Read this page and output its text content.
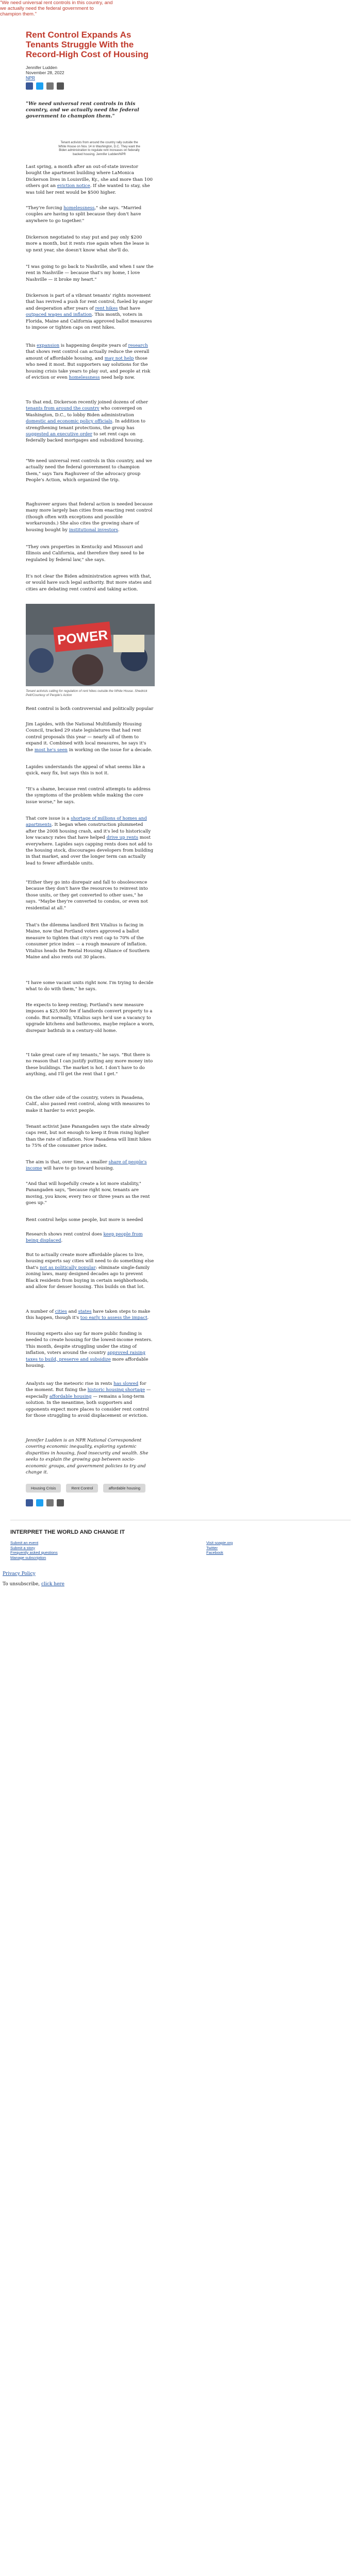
"We need universal rent controls in this country, and we actually need the federal government to champion them."

Rent Control Expands As Tenants Struggle With the Record-High Cost of Housing
Jennifer Ludden
November 28, 2022
NPR

"We need universal rent controls in this country, and we actually need the federal government to champion them."

Tenant activists from around the country rally outside the White House on Nov. 14 in Washington, D.C. They want the Biden administration to regulate rent increases on federally backed housing. Jennifer Ludden/NPR

Last spring, a month after an out-of-state investor bought the apartment building where LaMonica Dickerson lives in Louisville, Ky., she and more than 100 others got an eviction notice. If she wanted to stay, she was told her rent would be $500 higher.

"They're forcing homelessness," she says. "Married couples are having to split because they don't have anywhere to go together."

Dickerson negotiated to stay put and pay only $200 more a month, but it rents rise again when the lease is up next year, she doesn't know what she'll do.

"I was going to go back to Nashville, and when I saw the rent in Nashville — because that's my home, I love Nashville — it broke my heart."

Dickerson is part of a vibrant tenants' rights movement that has revived a push for rent control, fueled by anger and desperation after years of rent hikes that have outpaced wages and inflation. This month, voters in Florida, Maine and California approved ballot measures to impose or tighten caps on rent hikes.

This expansion is happening despite years of research that shows rent control can actually reduce the overall amount of affordable housing, and may not help those who need it most. But supporters say solutions for the housing crisis take years to play out, and people at risk of eviction or even homelessness need help now.

To that end, Dickerson recently joined dozens of other tenants from around the country who converged on Washington, D.C., to lobby Biden administration domestic and economic policy officials. In addition to strengthening tenant protections, the group has suggested an executive order to set rent caps on federally backed mortgages and subsidized housing.

"We need universal rent controls in this country, and we actually need the federal government to champion them," says Tara Raghuveer of the advocacy group People's Action, which organized the trip.

Raghuveer argues that federal action is needed because many more largely ban cities from enacting rent control (though often with exceptions and possible workarounds.) She also cites the growing share of housing bought by institutional investors.

"They own properties in Kentucky and Missouri and Illinois and California, and therefore they need to be regulated by federal law," she says.

It's not clear the Biden administration agrees with that, or would have such legal authority. But more states and cities are debating rent control and taking action.

POWER
Tenant activists calling for regulation of rent hikes outside the White House. Shedrick Pelt/Courtesy of People's Action

Rent control is both controversial and politically popular

Jim Lapides, with the National Multifamily Housing Council, tracked 29 state legislatures that had rent control proposals this year — nearly all of them to expand it. Combined with local measures, he says it's the most he's seen in working on the issue for a decade.

Lapides understands the appeal of what seems like a quick, easy fix, but says this is not it.

"It's a shame, because rent control attempts to address the symptoms of the problem while making the core issue worse," he says.

That core issue is a shortage of millions of homes and apartments. It began when construction plummeted after the 2008 housing crash, and it's led to historically low vacancy rates that have helped drive up rents most everywhere. Lapides says capping rents does not add to the housing stock, discourages developers from building in that market, and over the longer term can actually lead to fewer affordable units.

"Either they go into disrepair and fall to obsolescence because they don't have the resources to reinvest into those units, or they get converted to other uses," he says. "Maybe they're converted to condos, or even not residential at all."

That's the dilemma landlord Brit Vitalius is facing in Maine, now that Portland voters approved a ballot measure to tighten that city's rent cap to 70% of the consumer price index — a rough measure of inflation. Vitalius heads the Rental Housing Alliance of Southern Maine and also rents out 30 places.

"I have some vacant units right now. I'm trying to decide what to do with them," he says.

He expects to keep renting; Portland's new measure imposes a $25,000 fee if landlords convert property to a condo. But normally, Vitalius says he'd use a vacancy to upgrade kitchens and bathrooms, maybe replace a worn, disrepair bathtub in a century-old home.

"I take great care of my tenants," he says. "But there is no reason that I can justify putting any more money into these buildings. The market is hot. I don't have to do anything, and I'll get the rent that I get."

On the other side of the country, voters in Pasadena, Calif., also passed rent control, along with measures to make it harder to evict people.

Tenant activist Jane Panangaden says the state already caps rent, but not enough to keep it from rising higher than the rate of inflation. Now Pasadena will limit hikes to 75% of the consumer price index.

The aim is that, over time, a smaller share of people's income will have to go toward housing.

"And that will hopefully create a lot more stability," Panangaden says, "because right now, tenants are moving, you know, every two or three years as the rent goes up."

Rent control helps some people, but more is needed

Research shows rent control does keep people from being displaced.

But to actually create more affordable places to live, housing experts say cities will need to do something else that's not as politically popular: eliminate single-family zoning laws, many designed decades ago to prevent Black residents from buying in certain neighborhoods, and allow for denser housing. This builds on that lot.

A number of cities and states have taken steps to make this happen, though it's too early to assess the impact.

Housing experts also say far more public funding is needed to create housing for the lowest-income renters. This month, despite struggling under the sting of inflation, voters around the country approved raising taxes to build, preserve and subsidize more affordable housing.

Analysts say the meteoric rise in rents has slowed for the moment. But fixing the historic housing shortage — especially affordable housing — remains a long-term solution. In the meantime, both supporters and opponents expect more places to consider rent control for those struggling to avoid displacement or eviction.

Jennifer Ludden is an NPR National Correspondent covering economic inequality, exploring systemic disparities in housing, food insecurity and wealth. She seeks to explain the growing gap between socio-economic groups, and government policies to try and change it.

Housing Crisis	Rent Control	affordable housing
INTERPRET THE WORLD AND CHANGE IT
Submit an event
Submit a story
Frequently asked questions
Manage subscription
Visit soapie.org
Twitter
Facebook
Privacy Policy
To unsubscribe, click here
